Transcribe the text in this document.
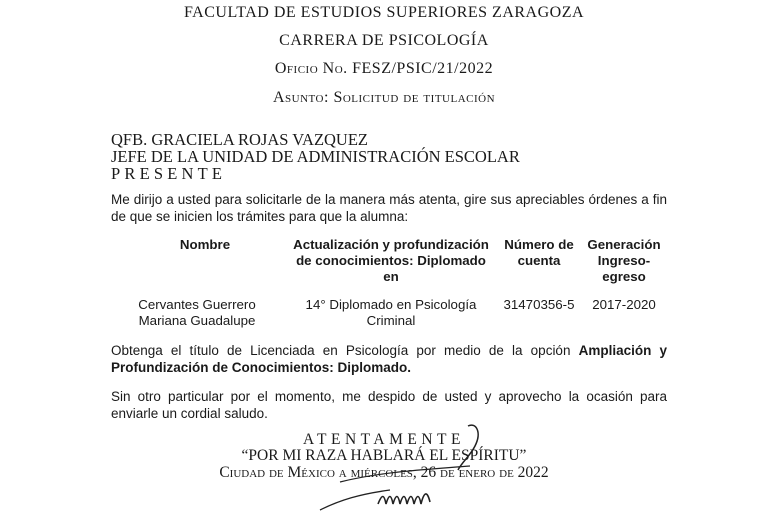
FACULTAD DE ESTUDIOS SUPERIORES ZARAGOZA
CARRERA DE PSICOLOGÍA
Oficio No. FESZ/PSIC/21/2022
Asunto: Solicitud de titulación
QFB. GRACIELA ROJAS VAZQUEZ
JEFE DE LA UNIDAD DE ADMINISTRACIÓN ESCOLAR
PRESENTE
Me dirijo a usted para solicitarle de la manera más atenta, gire sus apreciables órdenes a fin de que se inicien los trámites para que la alumna:
Nombre	Actualización y profundización de conocimientos: Diplomado en
Número de cuenta
Generación Ingreso-egreso
Cervantes Guerrero Mariana Guadalupe
14° Diplomado en Psicología Criminal
31470356-5	2017-2020
Obtenga el título de Licenciada en Psicología por medio de la opción Ampliación y Profundización de Conocimientos: Diplomado.
Sin otro particular por el momento, me despido de usted y aprovecho la ocasión para enviarle un cordial saludo.
ATENTAMENTE
“POR MI RAZA HABLARÁ EL ESPÍRITU”
Ciudad de México a miércoles, 26 de enero de 2022
